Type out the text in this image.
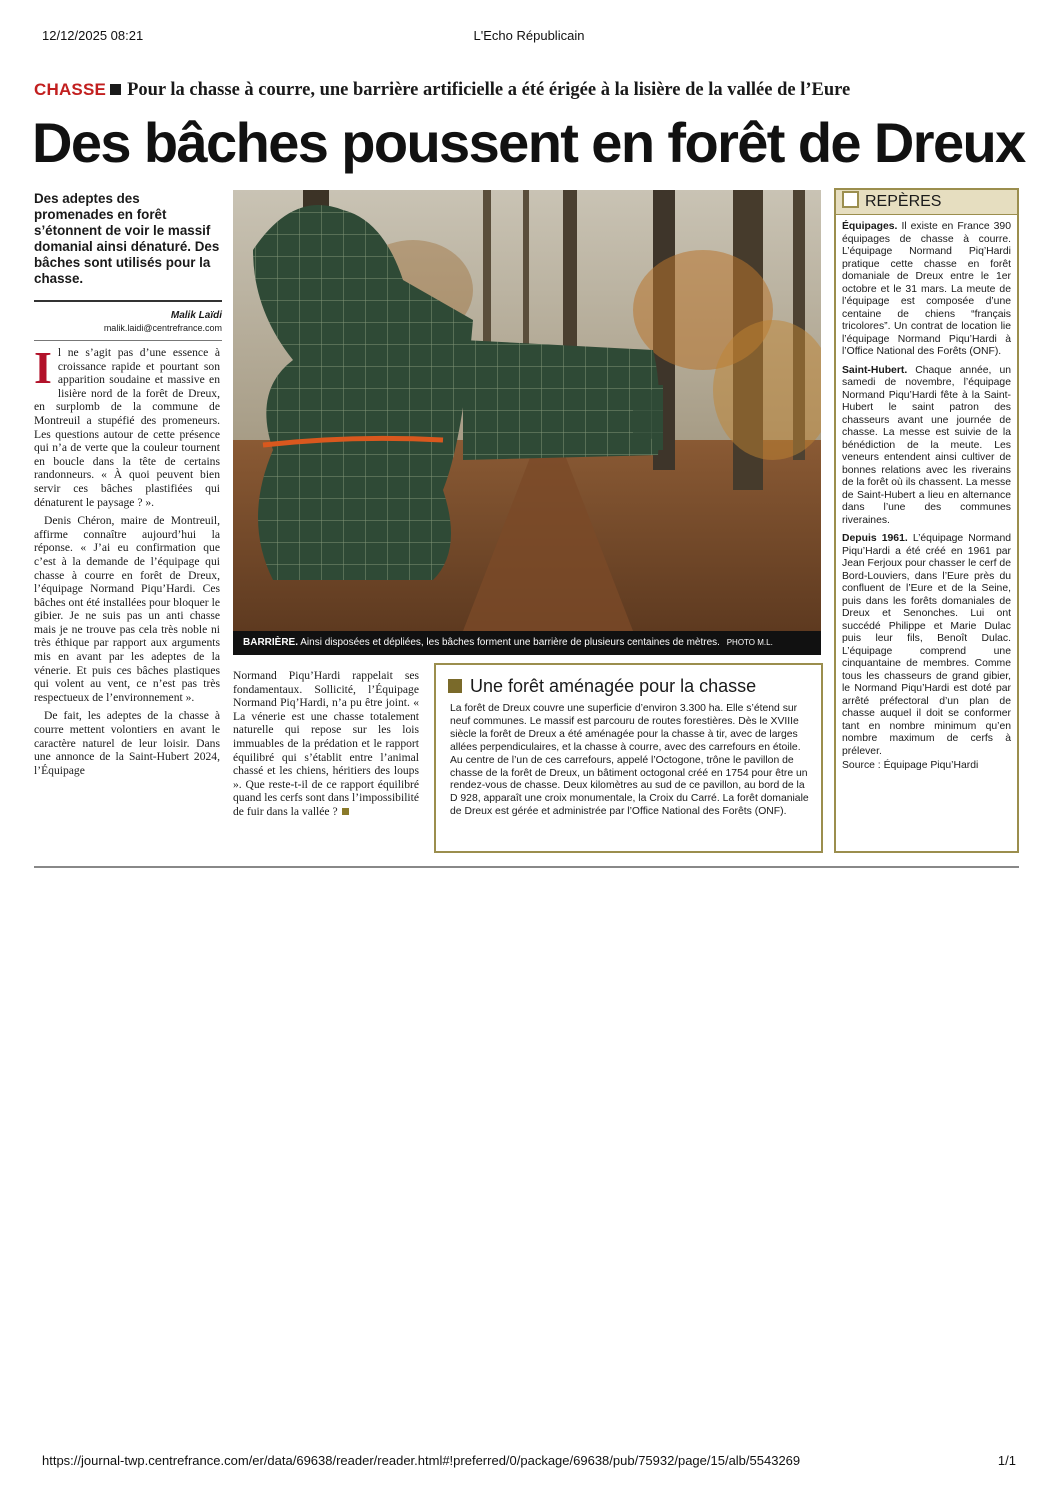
12/12/2025 08:21	L'Echo Républicain
CHASSE Pour la chasse à courre, une barrière artificielle a été érigée à la lisière de la vallée de l’Eure
Des bâches poussent en forêt de Dreux
Des adeptes des promenades en forêt s’étonnent de voir le massif domanial ainsi dénaturé. Des bâches sont utilisés pour la chasse.
Malik Laïdi
malik.laidi@centrefrance.com

Il ne s’agit pas d’une essence à croissance rapide et pourtant son apparition soudaine et massive en lisière nord de la forêt de Dreux, en surplomb de la commune de Montreuil a stupéfié des promeneurs. Les questions autour de cette présence qui n’a de verte que la couleur tournent en boucle dans la tête de certains randonneurs. « À quoi peuvent bien servir ces bâches plastifiées qui dénaturent le paysage ? ».

Denis Chéron, maire de Montreuil, affirme connaître aujourd’hui la réponse. « J’ai eu confirmation que c’est à la demande de l’équipage qui chasse à courre en forêt de Dreux, l’équipage Normand Piqu’Hardi. Ces bâches ont été installées pour bloquer le gibier. Je ne suis pas un anti chasse mais je ne trouve pas cela très noble ni très éthique par rapport aux arguments mis en avant par les adeptes de la vénerie. Et puis ces bâches plastiques qui volent au vent, ce n’est pas très respectueux de l’environnement ».

De fait, les adeptes de la chasse à courre mettent volontiers en avant le caractère naturel de leur loisir. Dans une annonce de la Saint-Hubert 2024, l’Équipage

BARRIÈRE. Ainsi disposées et dépliées, les bâches forment une barrière de plusieurs centaines de mètres. PHOTO M.L.

Normand Piqu’Hardi rappelait ses fondamentaux. Sollicité, l’Équipage Normand Piq’Hardi, n’a pu être joint. « La vénerie est une chasse totalement naturelle qui repose sur les lois immuables de la prédation et le rapport équilibré qui s’établit entre l’animal chassé et les chiens, héritiers des loups ». Que reste-t-il de ce rapport équilibré quand les cerfs sont dans l’impossibilité de fuir dans la vallée ?

Une forêt aménagée pour la chasse
La forêt de Dreux couvre une superficie d’environ 3.300 ha. Elle s’étend sur neuf communes. Le massif est parcouru de routes forestières. Dès le XVIIIe siècle la forêt de Dreux a été aménagée pour la chasse à tir, avec de larges allées perpendiculaires, et la chasse à courre, avec des carrefours en étoile. Au centre de l’un de ces carrefours, appelé l’Octogone, trône le pavillon de chasse de la forêt de Dreux, un bâtiment octogonal créé en 1754 pour être un rendez-vous de chasse. Deux kilomètres au sud de ce pavillon, au bord de la D 928, apparaît une croix monumentale, la Croix du Carré. La forêt domaniale de Dreux est gérée et administrée par l’Office National des Forêts (ONF).
REPÈRES

Équipages. Il existe en France 390 équipages de chasse à courre. L’équipage Normand Piq’Hardi pratique cette chasse en forêt domaniale de Dreux entre le 1er octobre et le 31 mars. La meute de l’équipage est composée d’une centaine de chiens “français tricolores”. Un contrat de location lie l’équipage Normand Piqu’Hardi à l’Office National des Forêts (ONF).

Saint-Hubert. Chaque année, un samedi de novembre, l’équipage Normand Piqu’Hardi fête à la Saint-Hubert le saint patron des chasseurs avant une journée de chasse. La messe est suivie de la bénédiction de la meute. Les veneurs entendent ainsi cultiver de bonnes relations avec les riverains de la forêt où ils chassent. La messe de Saint-Hubert a lieu en alternance dans l’une des communes riveraines.

Depuis 1961. L’équipage Normand Piqu’Hardi a été créé en 1961 par Jean Ferjoux pour chasser le cerf de Bord-Louviers, dans l’Eure près du confluent de l’Eure et de la Seine, puis dans les forêts domaniales de Dreux et Senonches. Lui ont succédé Philippe et Marie Dulac puis leur fils, Benoît Dulac. L’équipage comprend une cinquantaine de membres. Comme tous les chasseurs de grand gibier, le Normand Piqu’Hardi est doté par arrêté préfectoral d’un plan de chasse auquel il doit se conformer tant en nombre minimum qu’en nombre maximum de cerfs à prélever.

Source : Équipage Piqu’Hardi

https://journal-twp.centrefrance.com/er/data/69638/reader/reader.html#!preferred/0/package/69638/pub/75932/page/15/alb/5543269	1/1
